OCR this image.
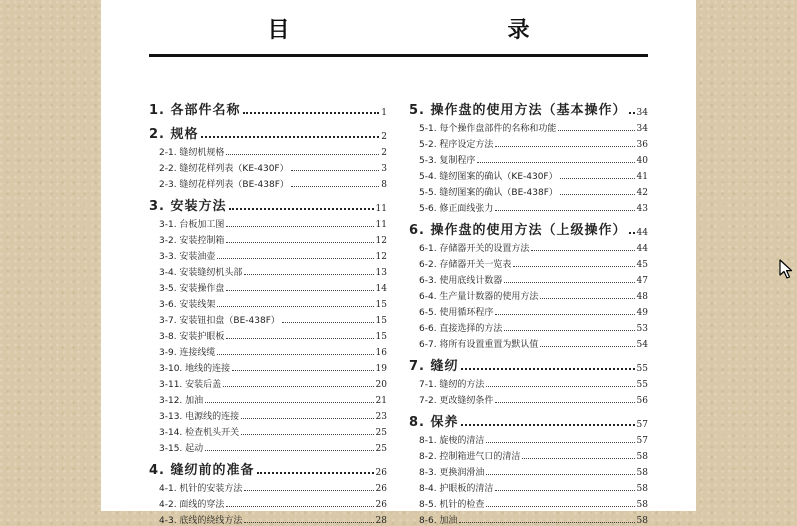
目　　录
1. 各部件名称	1
2. 规格	2
2-1. 缝纫机规格	2
2-2. 缝纫花样列表（KE-430F）	3
2-3. 缝纫花样列表（BE-438F）	8
3. 安装方法	11
3-1. 台板加工图	11
3-2. 安装控制箱	12
3-3. 安装油壶	12
3-4. 安装缝纫机头部	13
3-5. 安装操作盘	14
3-6. 安装线架	15
3-7. 安装钮扣盘（BE-438F）	15
3-8. 安装护眼板	15
3-9. 连接线缆	16
3-10. 地线的连接	19
3-11. 安装后盖	20
3-12. 加油	21
3-13. 电源线的连接	23
3-14. 检查机头开关	25
3-15. 起动	25
4. 缝纫前的准备	26
4-1. 机针的安装方法	26
4-2. 面线的穿法	26
4-3. 底线的绕线方法	28
5. 操作盘的使用方法（基本操作） 34
5-1. 每个操作盘部件的名称和功能	34
5-2. 程序设定方法	36
5-3. 复制程序	40
5-4. 缝纫图案的确认（KE-430F）	41
5-5. 缝纫图案的确认（BE-438F）	42
5-6. 修正面线张力	43
6. 操作盘的使用方法（上级操作） 44
6-1. 存储器开关的设置方法	44
6-2. 存储器开关一览表	45
6-3. 使用底线计数器	47
6-4. 生产量计数器的使用方法	48
6-5. 使用循环程序	49
6-6. 直接选择的方法	53
6-7. 将所有设置重置为默认值	54
7. 缝纫	55
7-1. 缝纫的方法	55
7-2. 更改缝纫条件	56
8. 保养	57
8-1. 旋梭的清洁	57
8-2. 控制箱进气口的清洁	58
8-3. 更换润滑油	58
8-4. 护眼板的清洁	58
8-5. 机针的检查	58
8-6. 加油	58
